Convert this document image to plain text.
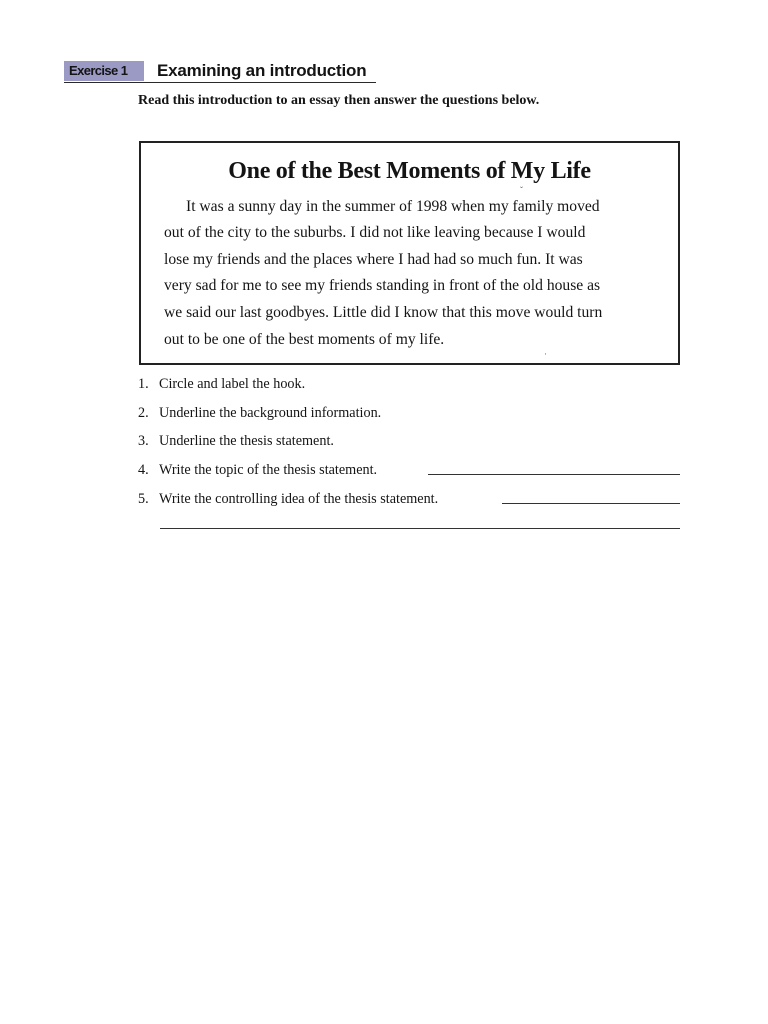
Exercise 1	Examining an introduction
Read this introduction to an essay then answer the questions below.
One of the Best Moments of My Life
It was a sunny day in the summer of 1998 when my family moved
out of the city to the suburbs. I did not like leaving because I would
lose my friends and the places where I had had so much fun. It was
very sad for me to see my friends standing in front of the old house as
we said our last goodbyes. Little did I know that this move would turn
out to be one of the best moments of my life.
ˇ
·
1. Circle and label the hook.
2. Underline the background information.
3. Underline the thesis statement.
4. Write the topic of the thesis statement.
5. Write the controlling idea of the thesis statement.
